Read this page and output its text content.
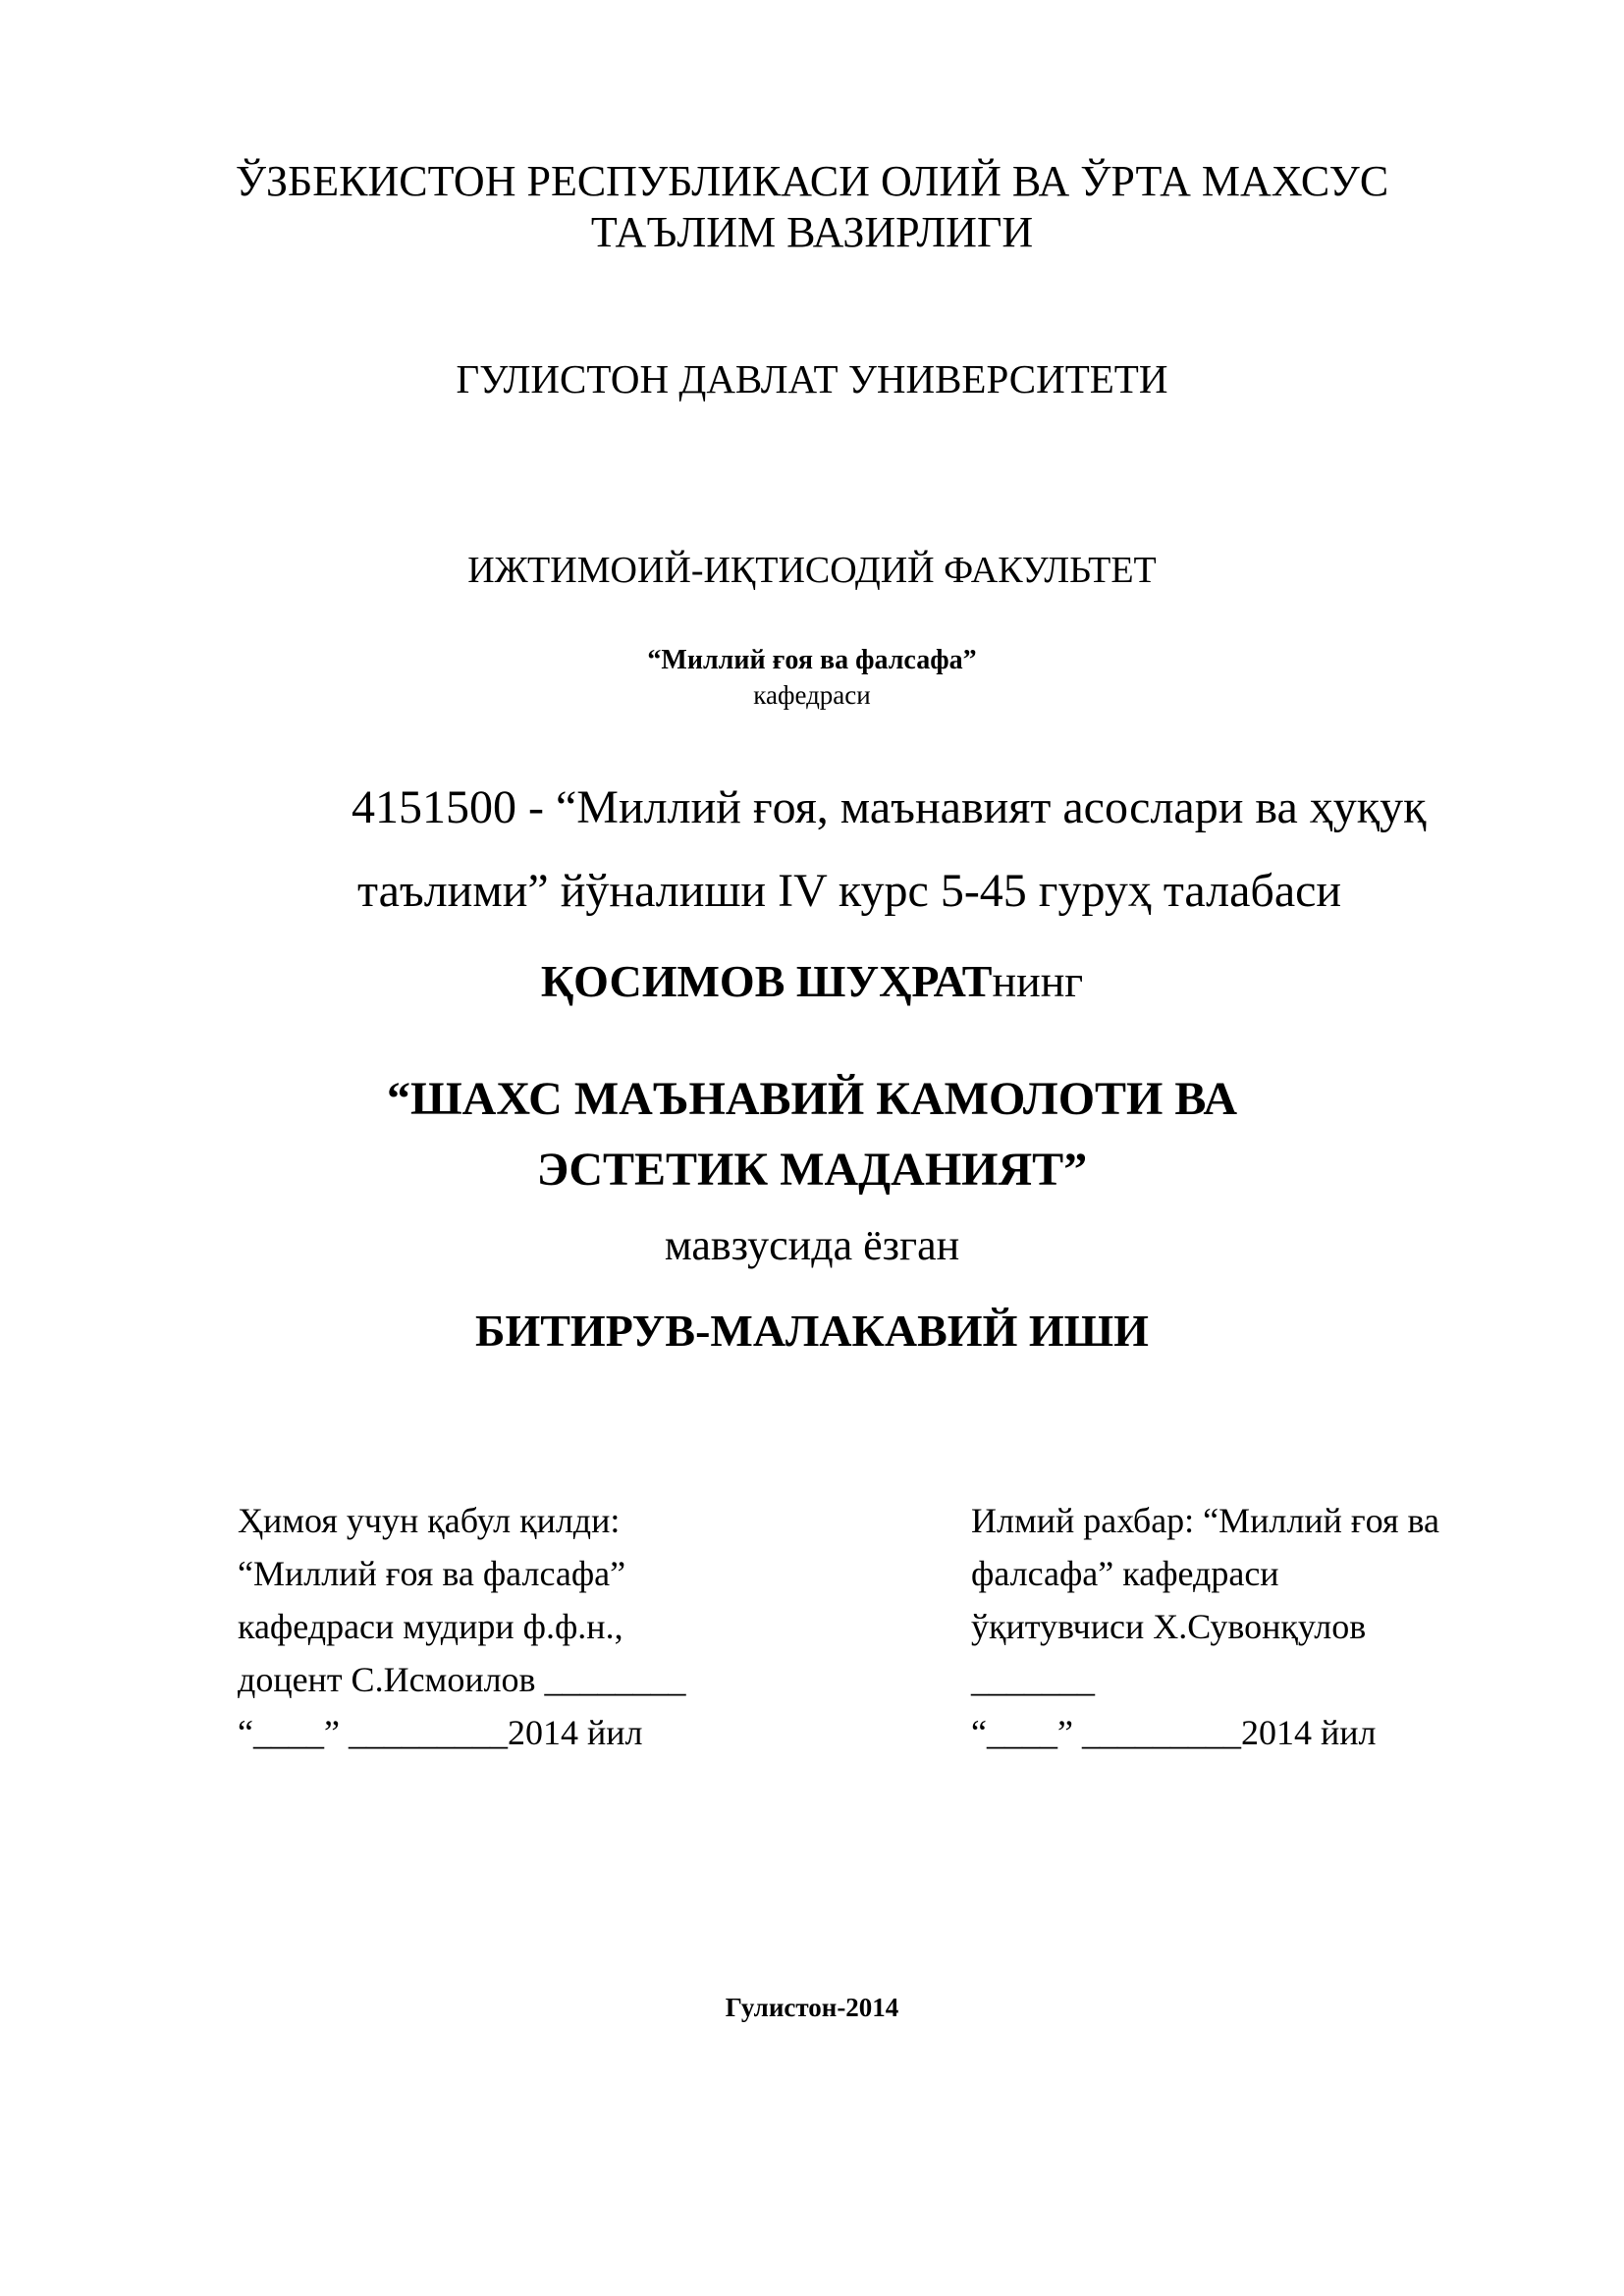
ЎЗБЕКИСТОН РЕСПУБЛИКАСИ ОЛИЙ ВА ЎРТА МАХСУС
ТАЪЛИМ ВАЗИРЛИГИ
ГУЛИСТОН ДАВЛАТ УНИВЕРСИТЕТИ
ИЖТИМОИЙ-ИҚТИСОДИЙ ФАКУЛЬТЕТ
“Миллий ғоя ва фалсафа”
кафедраси
4151500 - “Миллий ғоя, маънавият асослари ва ҳуқуқ
таълими” йўналиши IV курс 5-45 гуруҳ талабаси
ҚОСИМОВ ШУҲРАТнинг
“ШАХС МАЪНАВИЙ КАМОЛОТИ ВА
ЭСТЕТИК МАДАНИЯТ”
мавзусида ёзган
БИТИРУВ-МАЛАКАВИЙ ИШИ
Ҳимоя учун қабул қилди:
“Миллий ғоя ва фалсафа”
кафедраси мудири ф.ф.н.,
доцент С.Исмоилов ________
“____” _________2014 йил
Илмий рахбар: “Миллий ғоя ва
фалсафа” кафедраси
ўқитувчиси Х.Сувонқулов
_______
“____” _________2014 йил
Гулистон-2014
